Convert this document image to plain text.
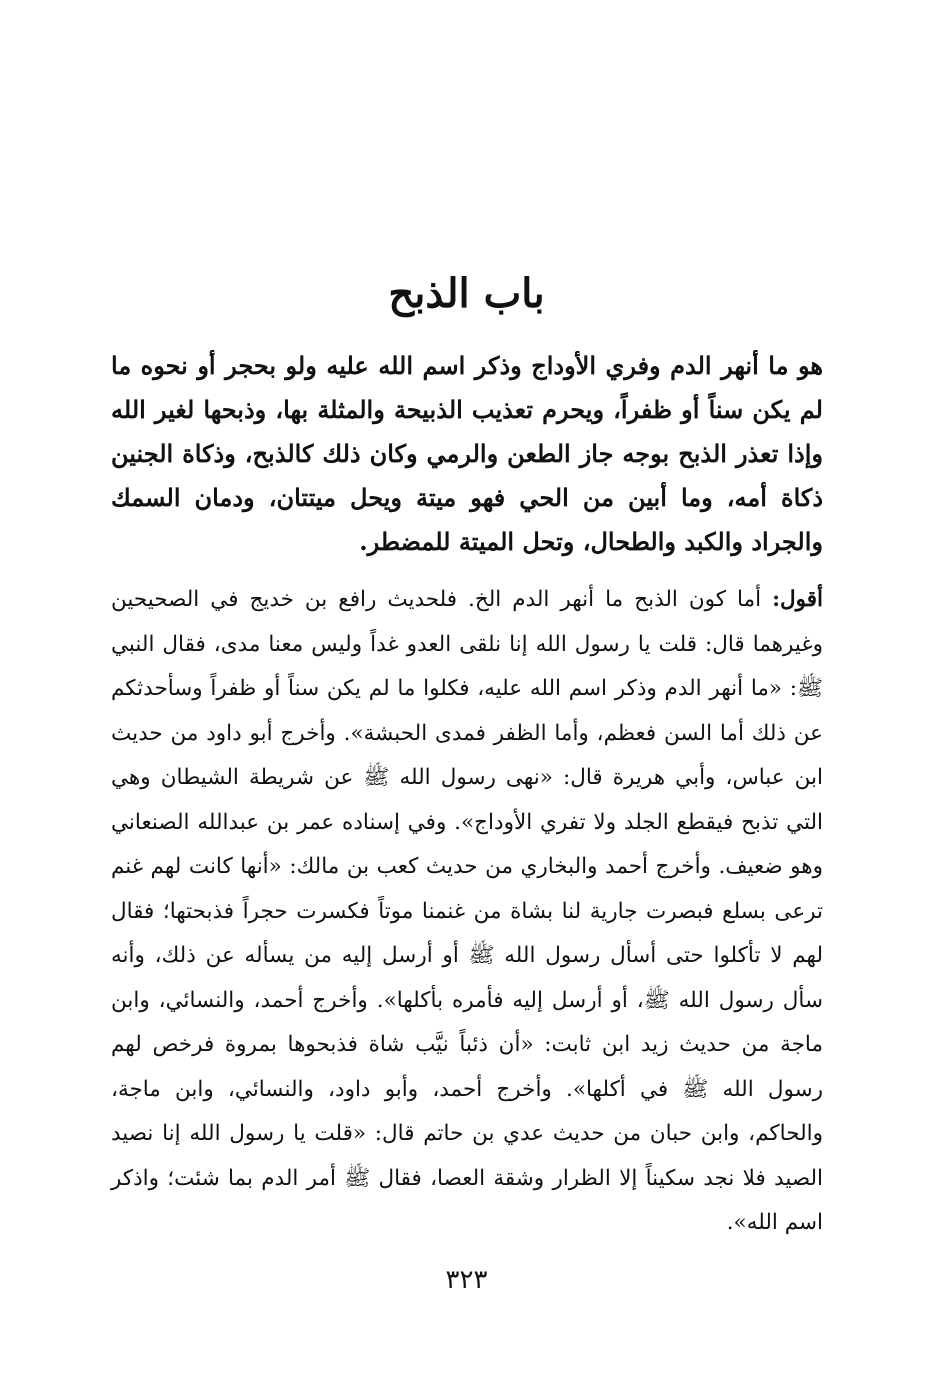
باب الذبح

هو ما أنهر الدم وفري الأوداج وذكر اسم الله عليه ولو بحجر أو نحوه ما لم يكن سناً أو ظفراً، ويحرم تعذيب الذبيحة والمثلة بها، وذبحها لغير الله وإذا تعذر الذبح بوجه جاز الطعن والرمي وكان ذلك كالذبح، وذكاة الجنين ذكاة أمه، وما أبين من الحي فهو ميتة ويحل ميتتان، ودمان السمك والجراد والكبد والطحال، وتحل الميتة للمضطر.

أقول: أما كون الذبح ما أنهر الدم الخ. فلحديث رافع بن خديج في الصحيحين وغيرهما قال: قلت يا رسول الله إنا نلقى العدو غداً وليس معنا مدى، فقال النبي ﷺ: «ما أنهر الدم وذكر اسم الله عليه، فكلوا ما لم يكن سناً أو ظفراً وسأحدثكم عن ذلك أما السن فعظم، وأما الظفر فمدى الحبشة». وأخرج أبو داود من حديث ابن عباس، وأبي هريرة قال: «نهى رسول الله ﷺ عن شريطة الشيطان وهي التي تذبح فيقطع الجلد ولا تفري الأوداج». وفي إسناده عمر بن عبدالله الصنعاني وهو ضعيف. وأخرج أحمد والبخاري من حديث كعب بن مالك: «أنها كانت لهم غنم ترعى بسلع فبصرت جارية لنا بشاة من غنمنا موتاً فكسرت حجراً فذبحتها؛ فقال لهم لا تأكلوا حتى أسأل رسول الله ﷺ أو أرسل إليه من يسأله عن ذلك، وأنه سأل رسول الله ﷺ، أو أرسل إليه فأمره بأكلها». وأخرج أحمد، والنسائي، وابن ماجة من حديث زيد ابن ثابت: «أن ذئباً نيَّب شاة فذبحوها بمروة فرخص لهم رسول الله ﷺ في أكلها». وأخرج أحمد، وأبو داود، والنسائي، وابن ماجة، والحاكم، وابن حبان من حديث عدي بن حاتم قال: «قلت يا رسول الله إنا نصيد الصيد فلا نجد سكيناً إلا الظرار وشقة العصا، فقال ﷺ أمر الدم بما شئت؛ واذكر اسم الله».

٣٢٣
